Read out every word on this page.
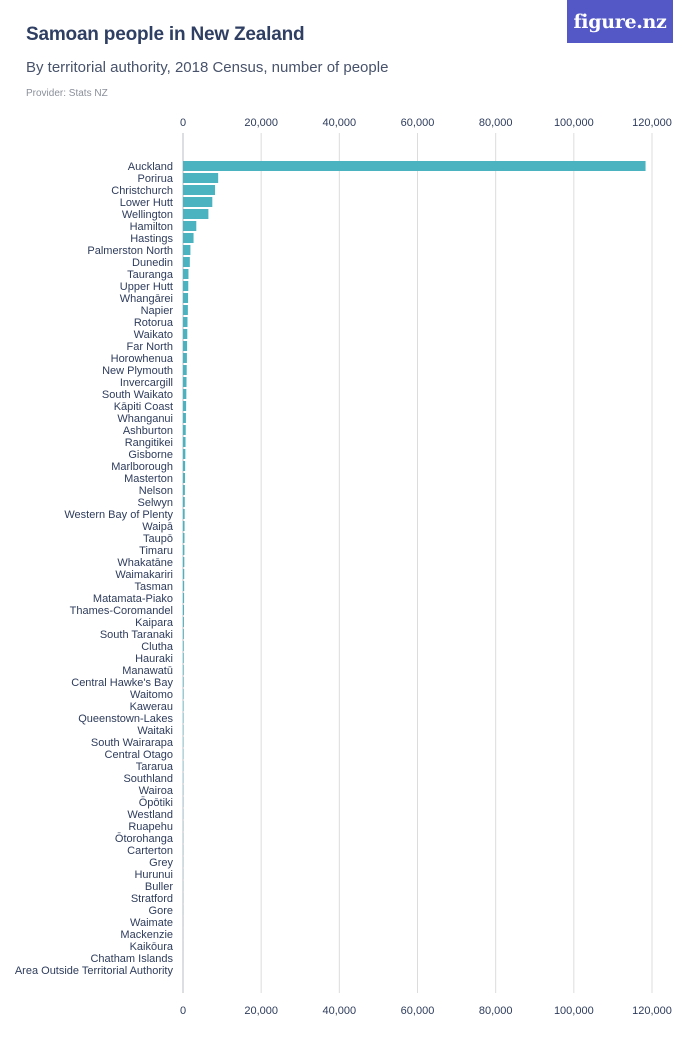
Samoan people in New Zealand
By territorial authority, 2018 Census, number of people
Provider: Stats NZ
figure.nz
Auckland
Porirua
Christchurch
Lower Hutt
Wellington
Hamilton
Hastings
Palmerston North
Dunedin
Tauranga
Upper Hutt
Whangārei
Napier
Rotorua
Waikato
Far North
Horowhenua
New Plymouth
Invercargill
South Waikato
Kāpiti Coast
Whanganui
Ashburton
Rangitikei
Gisborne
Marlborough
Masterton
Nelson
Selwyn
Western Bay of Plenty
Waipā
Taupō
Timaru
Whakatāne
Waimakariri
Tasman
Matamata-Piako
Thames-Coromandel
Kaipara
South Taranaki
Clutha
Hauraki
Manawatū
Central Hawke's Bay
Waitomo
Kawerau
Queenstown-Lakes
Waitaki
South Wairarapa
Central Otago
Tararua
Southland
Wairoa
Ōpōtiki
Westland
Ruapehu
Ōtorohanga
Carterton
Grey
Hurunui
Buller
Stratford
Gore
Waimate
Mackenzie
Kaikōura
Chatham Islands
Area Outside Territorial Authority
0	20,000	40,000	60,000	80,000	100,000	120,000
0	20,000	40,000	60,000	80,000	100,000	120,000
